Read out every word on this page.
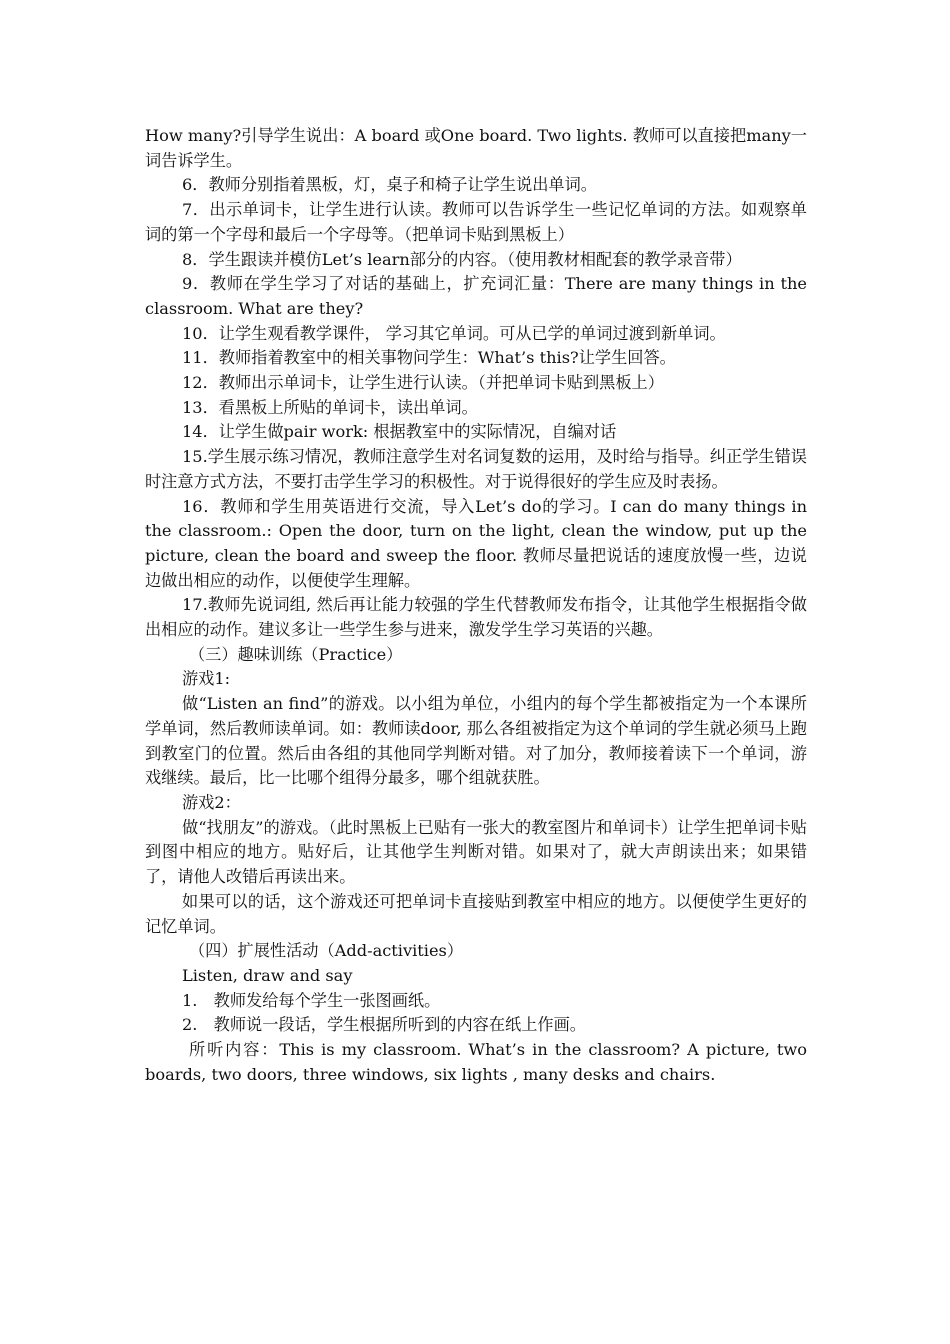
How many?引导学生说出：A board 或One board. Two lights. 教师可以直接把many一词告诉学生。

6．教师分别指着黑板，灯，桌子和椅子让学生说出单词。

7．出示单词卡，让学生进行认读。教师可以告诉学生一些记忆单词的方法。如观察单词的第一个字母和最后一个字母等。（把单词卡贴到黑板上）

8．学生跟读并模仿Let’s learn部分的内容。（使用教材相配套的教学录音带）

9．教师在学生学习了对话的基础上，扩充词汇量：There are many things in the classroom. What are they?

10．让学生观看教学课件， 学习其它单词。可从已学的单词过渡到新单词。

11．教师指着教室中的相关事物问学生：What’s this?让学生回答。

12．教师出示单词卡，让学生进行认读。（并把单词卡贴到黑板上）

13．看黑板上所贴的单词卡，读出单词。

14．让学生做pair work: 根据教室中的实际情况，自编对话

15.学生展示练习情况，教师注意学生对名词复数的运用，及时给与指导。纠正学生错误时注意方式方法，不要打击学生学习的积极性。对于说得很好的学生应及时表扬。

16．教师和学生用英语进行交流，导入Let’s do的学习。I can do many things in the classroom.: Open the door, turn on the light, clean the window, put up the picture, clean the board and sweep the floor. 教师尽量把说话的速度放慢一些，边说边做出相应的动作，以便使学生理解。

17.教师先说词组, 然后再让能力较强的学生代替教师发布指令，让其他学生根据指令做出相应的动作。建议多让一些学生参与进来，激发学生学习英语的兴趣。

（三）趣味训练（Practice）

游戏1:

做“Listen an find”的游戏。以小组为单位，小组内的每个学生都被指定为一个本课所学单词，然后教师读单词。如：教师读door, 那么各组被指定为这个单词的学生就必须马上跑到教室门的位置。然后由各组的其他同学判断对错。对了加分，教师接着读下一个单词，游戏继续。最后，比一比哪个组得分最多，哪个组就获胜。

游戏2：

做“找朋友”的游戏。（此时黑板上已贴有一张大的教室图片和单词卡）让学生把单词卡贴到图中相应的地方。贴好后，让其他学生判断对错。如果对了，就大声朗读出来；如果错了，请他人改错后再读出来。

如果可以的话，这个游戏还可把单词卡直接贴到教室中相应的地方。以便使学生更好的记忆单词。

（四）扩展性活动（Add-activities）

Listen, draw and say

1.　教师发给每个学生一张图画纸。

2.　教师说一段话，学生根据所听到的内容在纸上作画。

所听内容：This is my classroom. What’s in the classroom? A picture, two boards, two doors, three windows, six lights , many desks and chairs.
